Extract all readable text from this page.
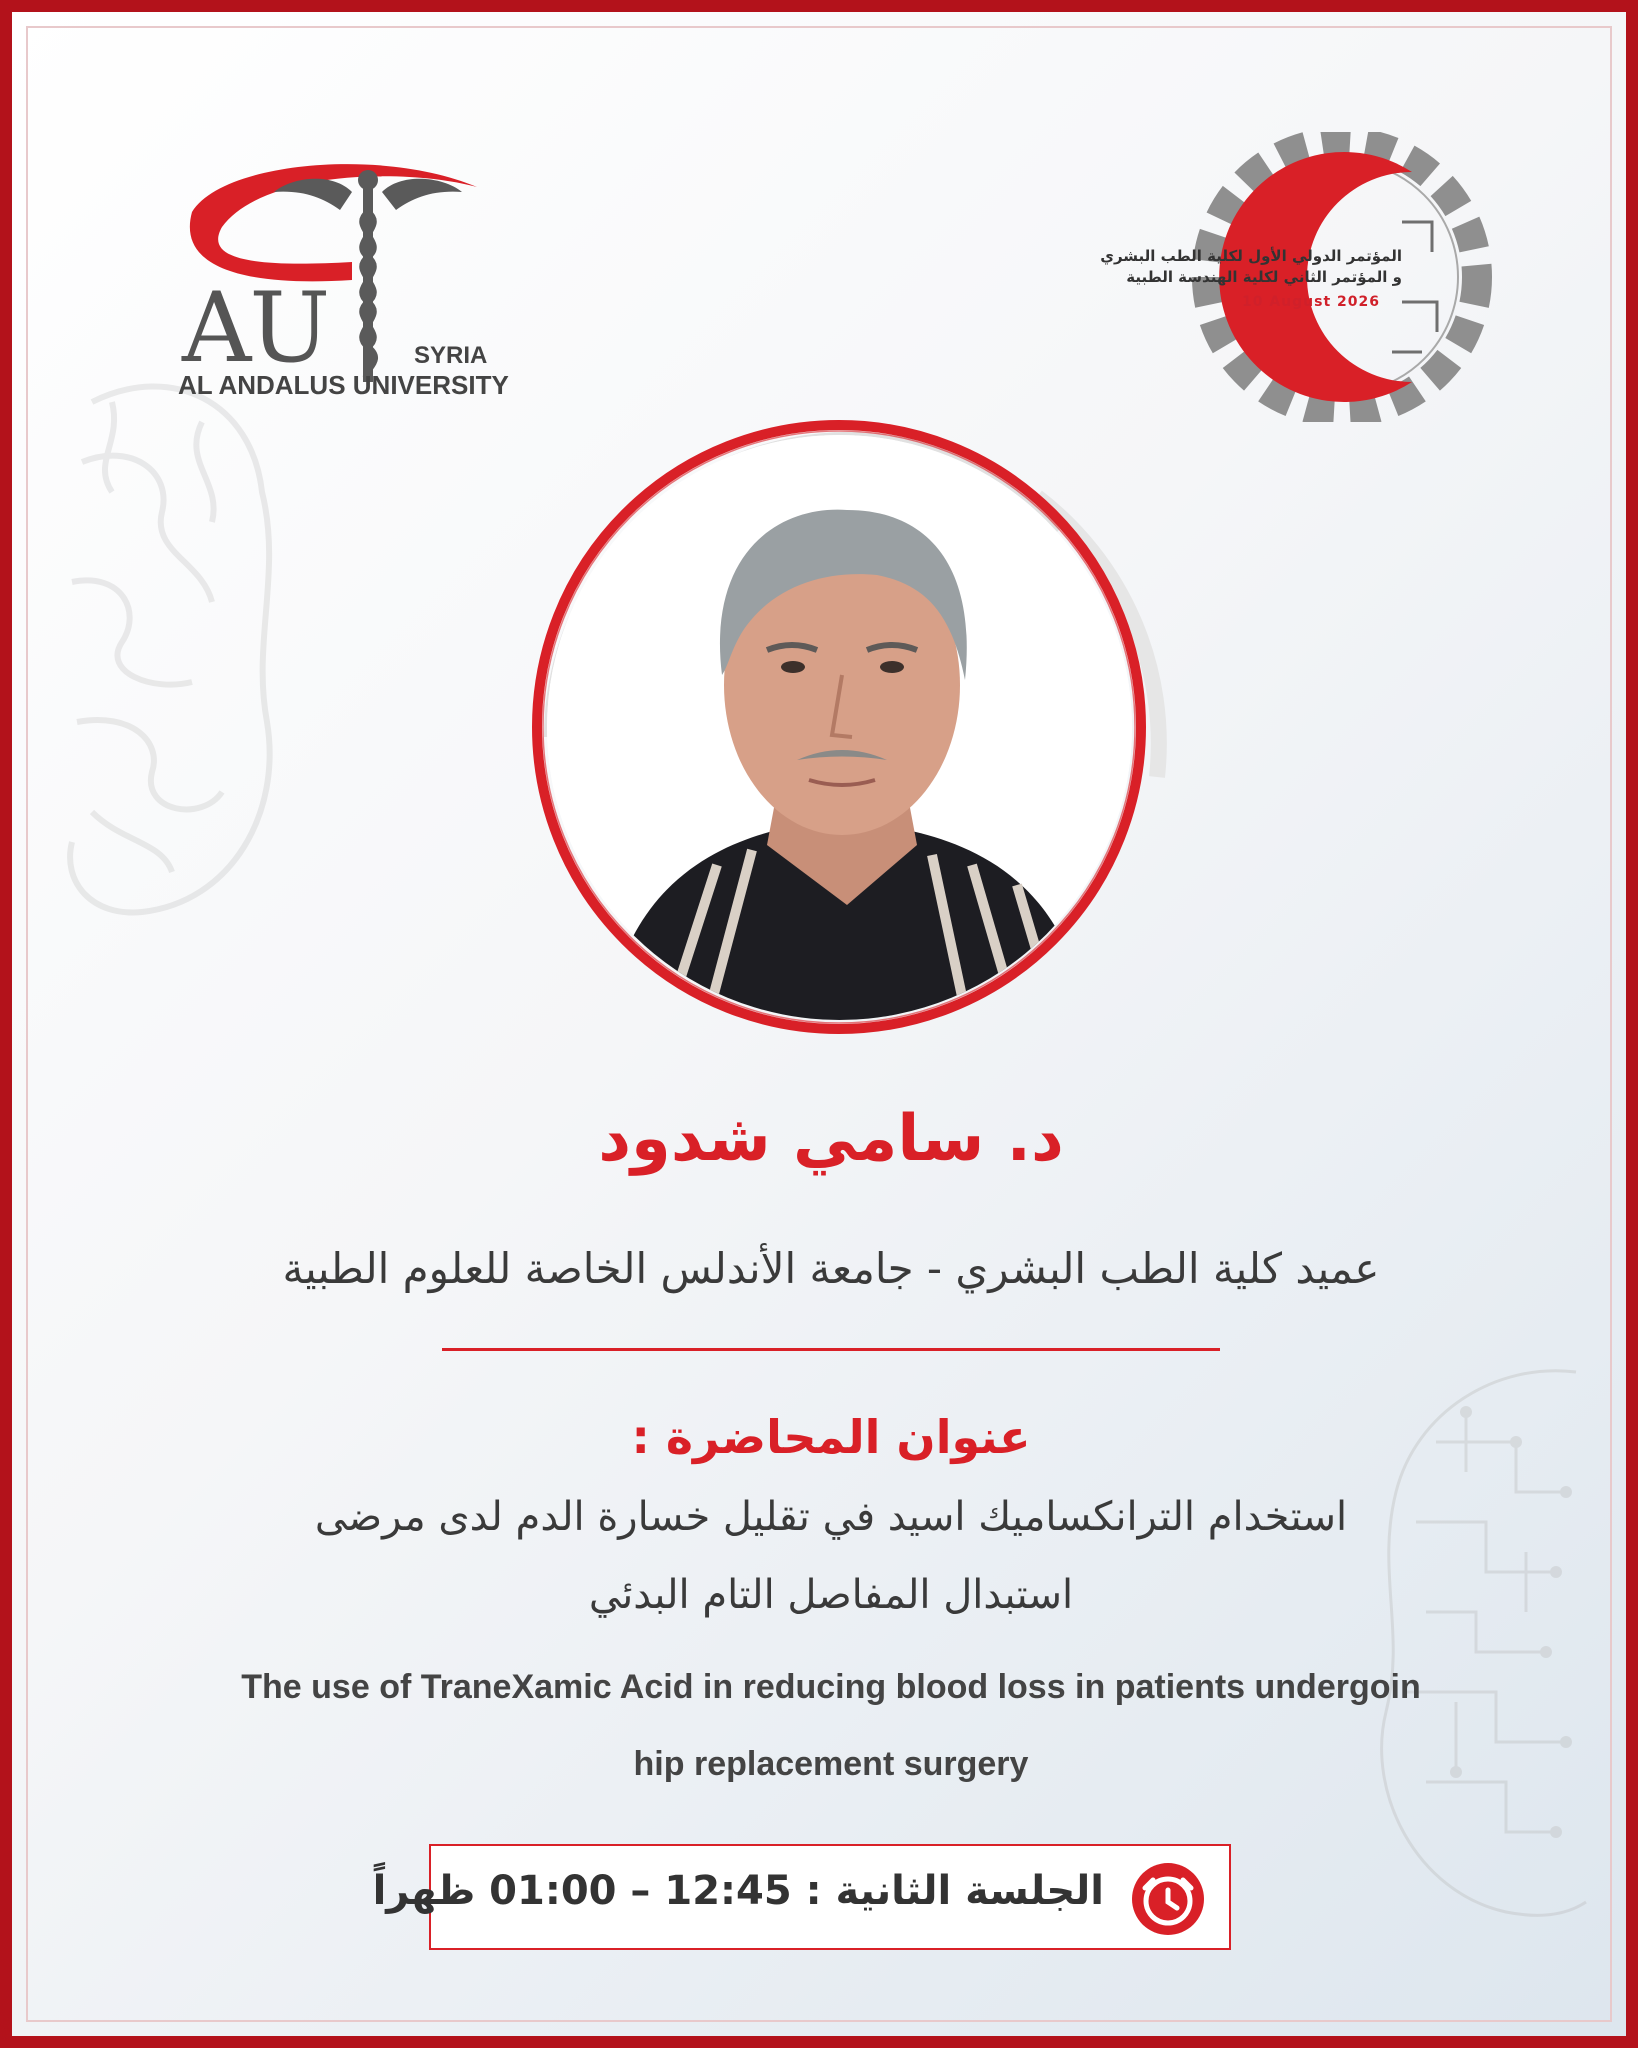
AU	SYRIA
AL ANDALUS UNIVERSITY
المؤتمر الدولي الأول لكلية الطب البشري
و المؤتمر الثاني لكلية الهندسة الطبية
10 August 2026
د. سامي شدود
عميد كلية الطب البشري - جامعة الأندلس الخاصة للعلوم الطبية
عنوان المحاضرة :
استخدام الترانكساميك اسيد في تقليل خسارة الدم لدى مرضى
استبدال المفاصل التام البدئي
The use of TraneXamic Acid in reducing blood loss in patients undergoin
hip replacement surgery
الجلسة الثانية : 12:45 – 01:00 ظهراً
